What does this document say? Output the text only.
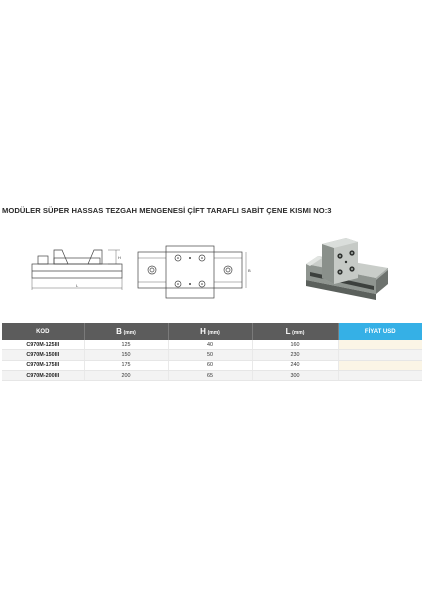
MODÜLER SÜPER HASSAS TEZGAH MENGENESİ ÇİFT TARAFLI SABİT ÇENE KISMI NO:3
H
L
B
KOD	B (mm)	H (mm)	L (mm)	FİYAT USD
C970M-125III	125	40	160	
C970M-150III	150	50	230	
C970M-175III	175	60	240	
C970M-200III	200	65	300	
